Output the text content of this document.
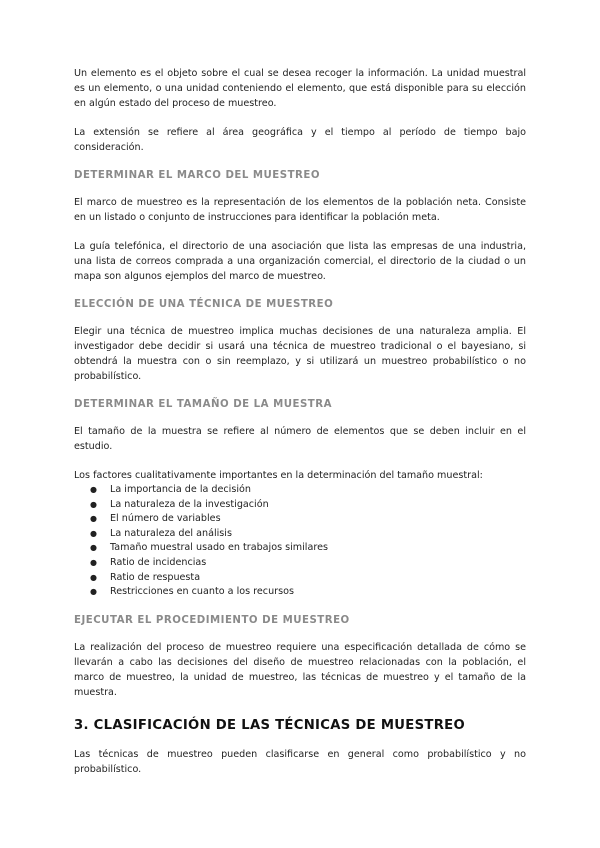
Un elemento es el objeto sobre el cual se desea recoger la información. La unidad muestral es un elemento, o una unidad conteniendo el elemento, que está disponible para su elección en algún estado del proceso de muestreo.

La extensión se refiere al área geográfica y el tiempo al período de tiempo bajo consideración.

DETERMINAR EL MARCO DEL MUESTREO

El marco de muestreo es la representación de los elementos de la población neta. Consiste en un listado o conjunto de instrucciones para identificar la población meta.

La guía telefónica, el directorio de una asociación que lista las empresas de una industria, una lista de correos comprada a una organización comercial, el directorio de la ciudad o un mapa son algunos ejemplos del marco de muestreo.

ELECCIÓN DE UNA TÉCNICA DE MUESTREO

Elegir una técnica de muestreo implica muchas decisiones de una naturaleza amplia. El investigador debe decidir si usará una técnica de muestreo tradicional o el bayesiano, si obtendrá la muestra con o sin reemplazo, y si utilizará un muestreo probabilístico o no probabilístico.

DETERMINAR EL TAMAÑO DE LA MUESTRA

El tamaño de la muestra se refiere al número de elementos que se deben incluir en el estudio.

Los factores cualitativamente importantes en la determinación del tamaño muestral:

● La importancia de la decisión
● La naturaleza de la investigación
● El número de variables
● La naturaleza del análisis
● Tamaño muestral usado en trabajos similares
● Ratio de incidencias
● Ratio de respuesta
● Restricciones en cuanto a los recursos
EJECUTAR EL PROCEDIMIENTO DE MUESTREO

La realización del proceso de muestreo requiere una especificación detallada de cómo se llevarán a cabo las decisiones del diseño de muestreo relacionadas con la población, el marco de muestreo, la unidad de muestreo, las técnicas de muestreo y el tamaño de la muestra.

3. CLASIFICACIÓN DE LAS TÉCNICAS DE MUESTREO

Las técnicas de muestreo pueden clasificarse en general como probabilístico y no probabilístico.
